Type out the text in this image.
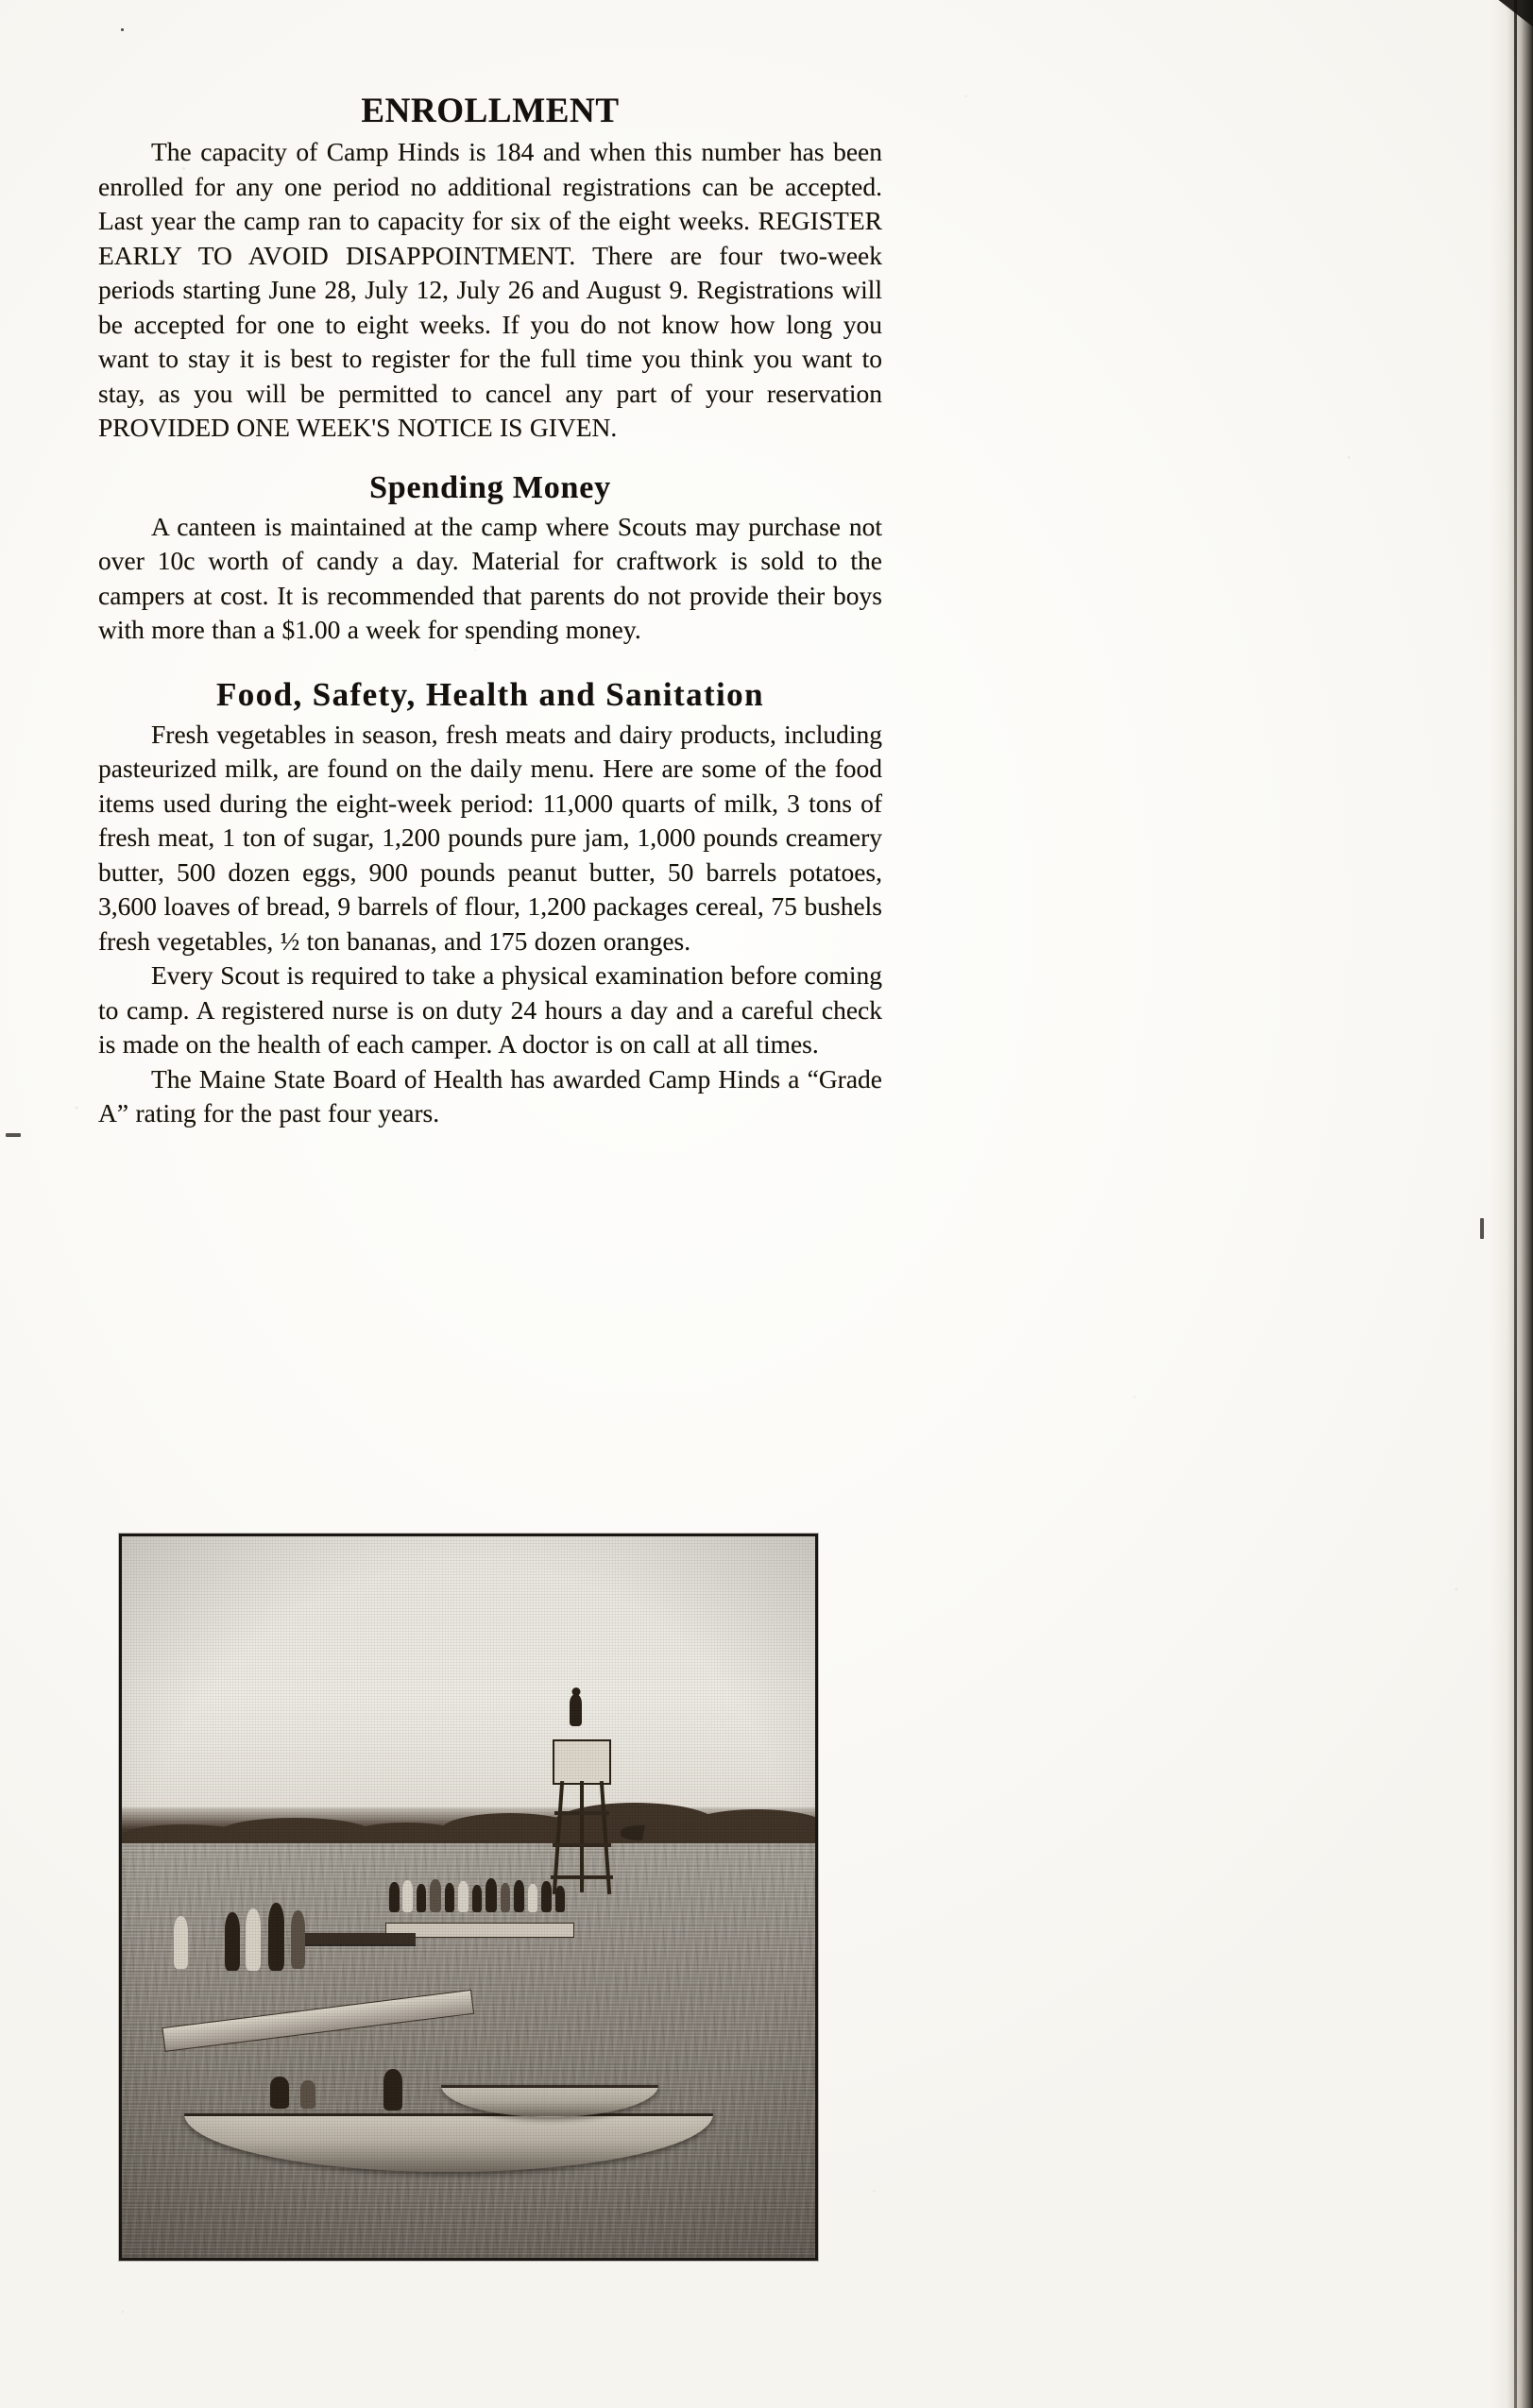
ENROLLMENT

The capacity of Camp Hinds is 184 and when this number has been enrolled for any one period no additional registrations can be accepted. Last year the camp ran to capacity for six of the eight weeks. REGISTER EARLY TO AVOID DISAPPOINTMENT. There are four two-week periods starting June 28, July 12, July 26 and August 9. Registrations will be accepted for one to eight weeks. If you do not know how long you want to stay it is best to register for the full time you think you want to stay, as you will be permitted to cancel any part of your reservation PROVIDED ONE WEEK'S NOTICE IS GIVEN.

Spending Money

A canteen is maintained at the camp where Scouts may purchase not over 10c worth of candy a day. Material for craftwork is sold to the campers at cost. It is recommended that parents do not provide their boys with more than a $1.00 a week for spending money.

Food, Safety, Health and Sanitation

Fresh vegetables in season, fresh meats and dairy products, including pasteurized milk, are found on the daily menu. Here are some of the food items used during the eight-week period: 11,000 quarts of milk, 3 tons of fresh meat, 1 ton of sugar, 1,200 pounds pure jam, 1,000 pounds creamery butter, 500 dozen eggs, 900 pounds peanut butter, 50 barrels potatoes, 3,600 loaves of bread, 9 barrels of flour, 1,200 packages cereal, 75 bushels fresh vegetables, ½ ton bananas, and 175 dozen oranges.

Every Scout is required to take a physical examination before coming to camp. A registered nurse is on duty 24 hours a day and a careful check is made on the health of each camper. A doctor is on call at all times.

The Maine State Board of Health has awarded Camp Hinds a “Grade A” rating for the past four years.
